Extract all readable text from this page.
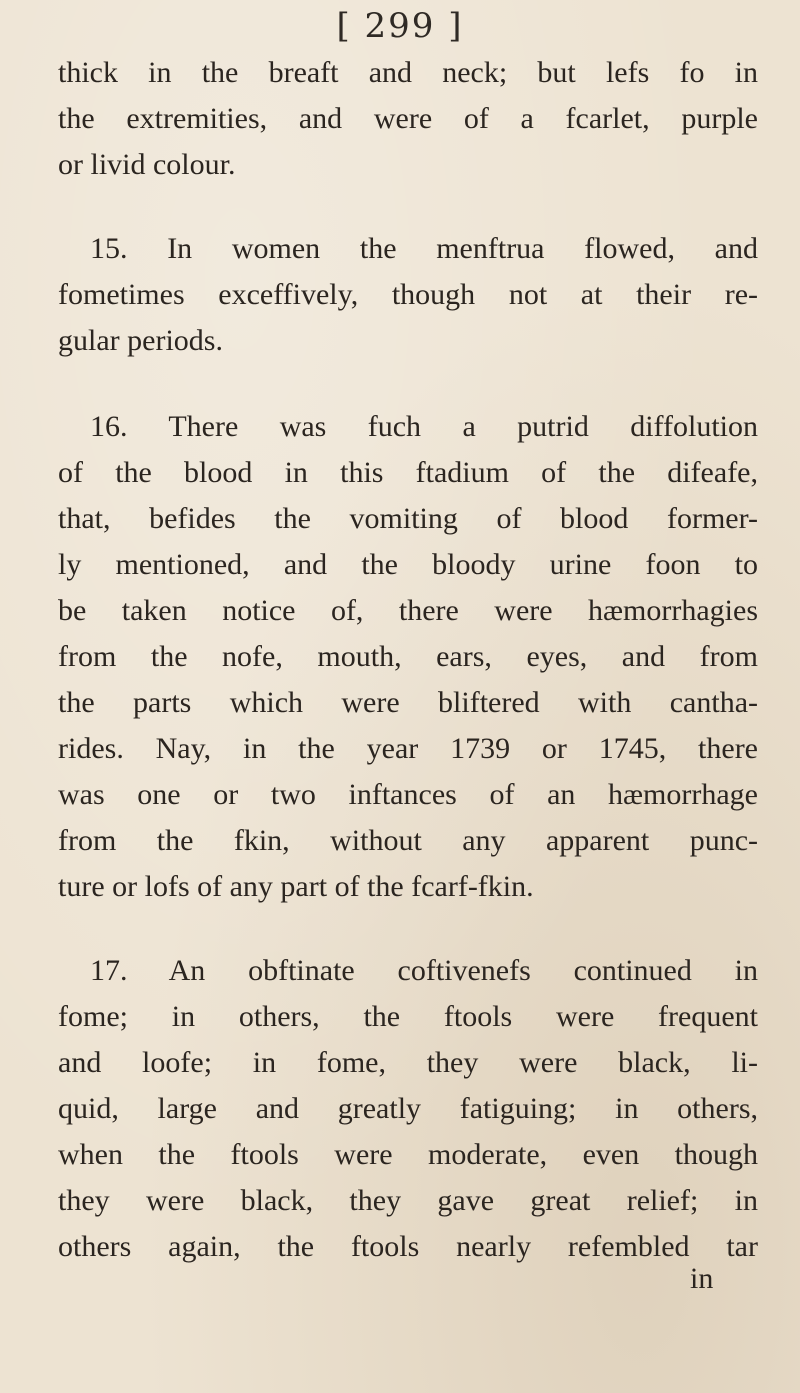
[ 299 ]
thick in the breaft and neck; but lefs fo in
the extremities, and were of a fcarlet, purple
or livid colour.
15. In women the menftrua flowed, and
fometimes exceffively, though not at their re-
gular periods.
16. There was fuch a putrid diffolution
of the blood in this ftadium of the difeafe,
that, befides the vomiting of blood former-
ly mentioned, and the bloody urine foon to
be taken notice of, there were hæmorrhagies
from the nofe, mouth, ears, eyes, and from
the parts which were bliftered with cantha-
rides. Nay, in the year 1739 or 1745, there
was one or two inftances of an hæmorrhage
from the fkin, without any apparent punc-
ture or lofs of any part of the fcarf-fkin.
17. An obftinate coftivenefs continued in
fome; in others, the ftools were frequent
and loofe; in fome, they were black, li-
quid, large and greatly fatiguing; in others,
when the ftools were moderate, even though
they were black, they gave great relief; in
others again, the ftools nearly refembled tar
in
